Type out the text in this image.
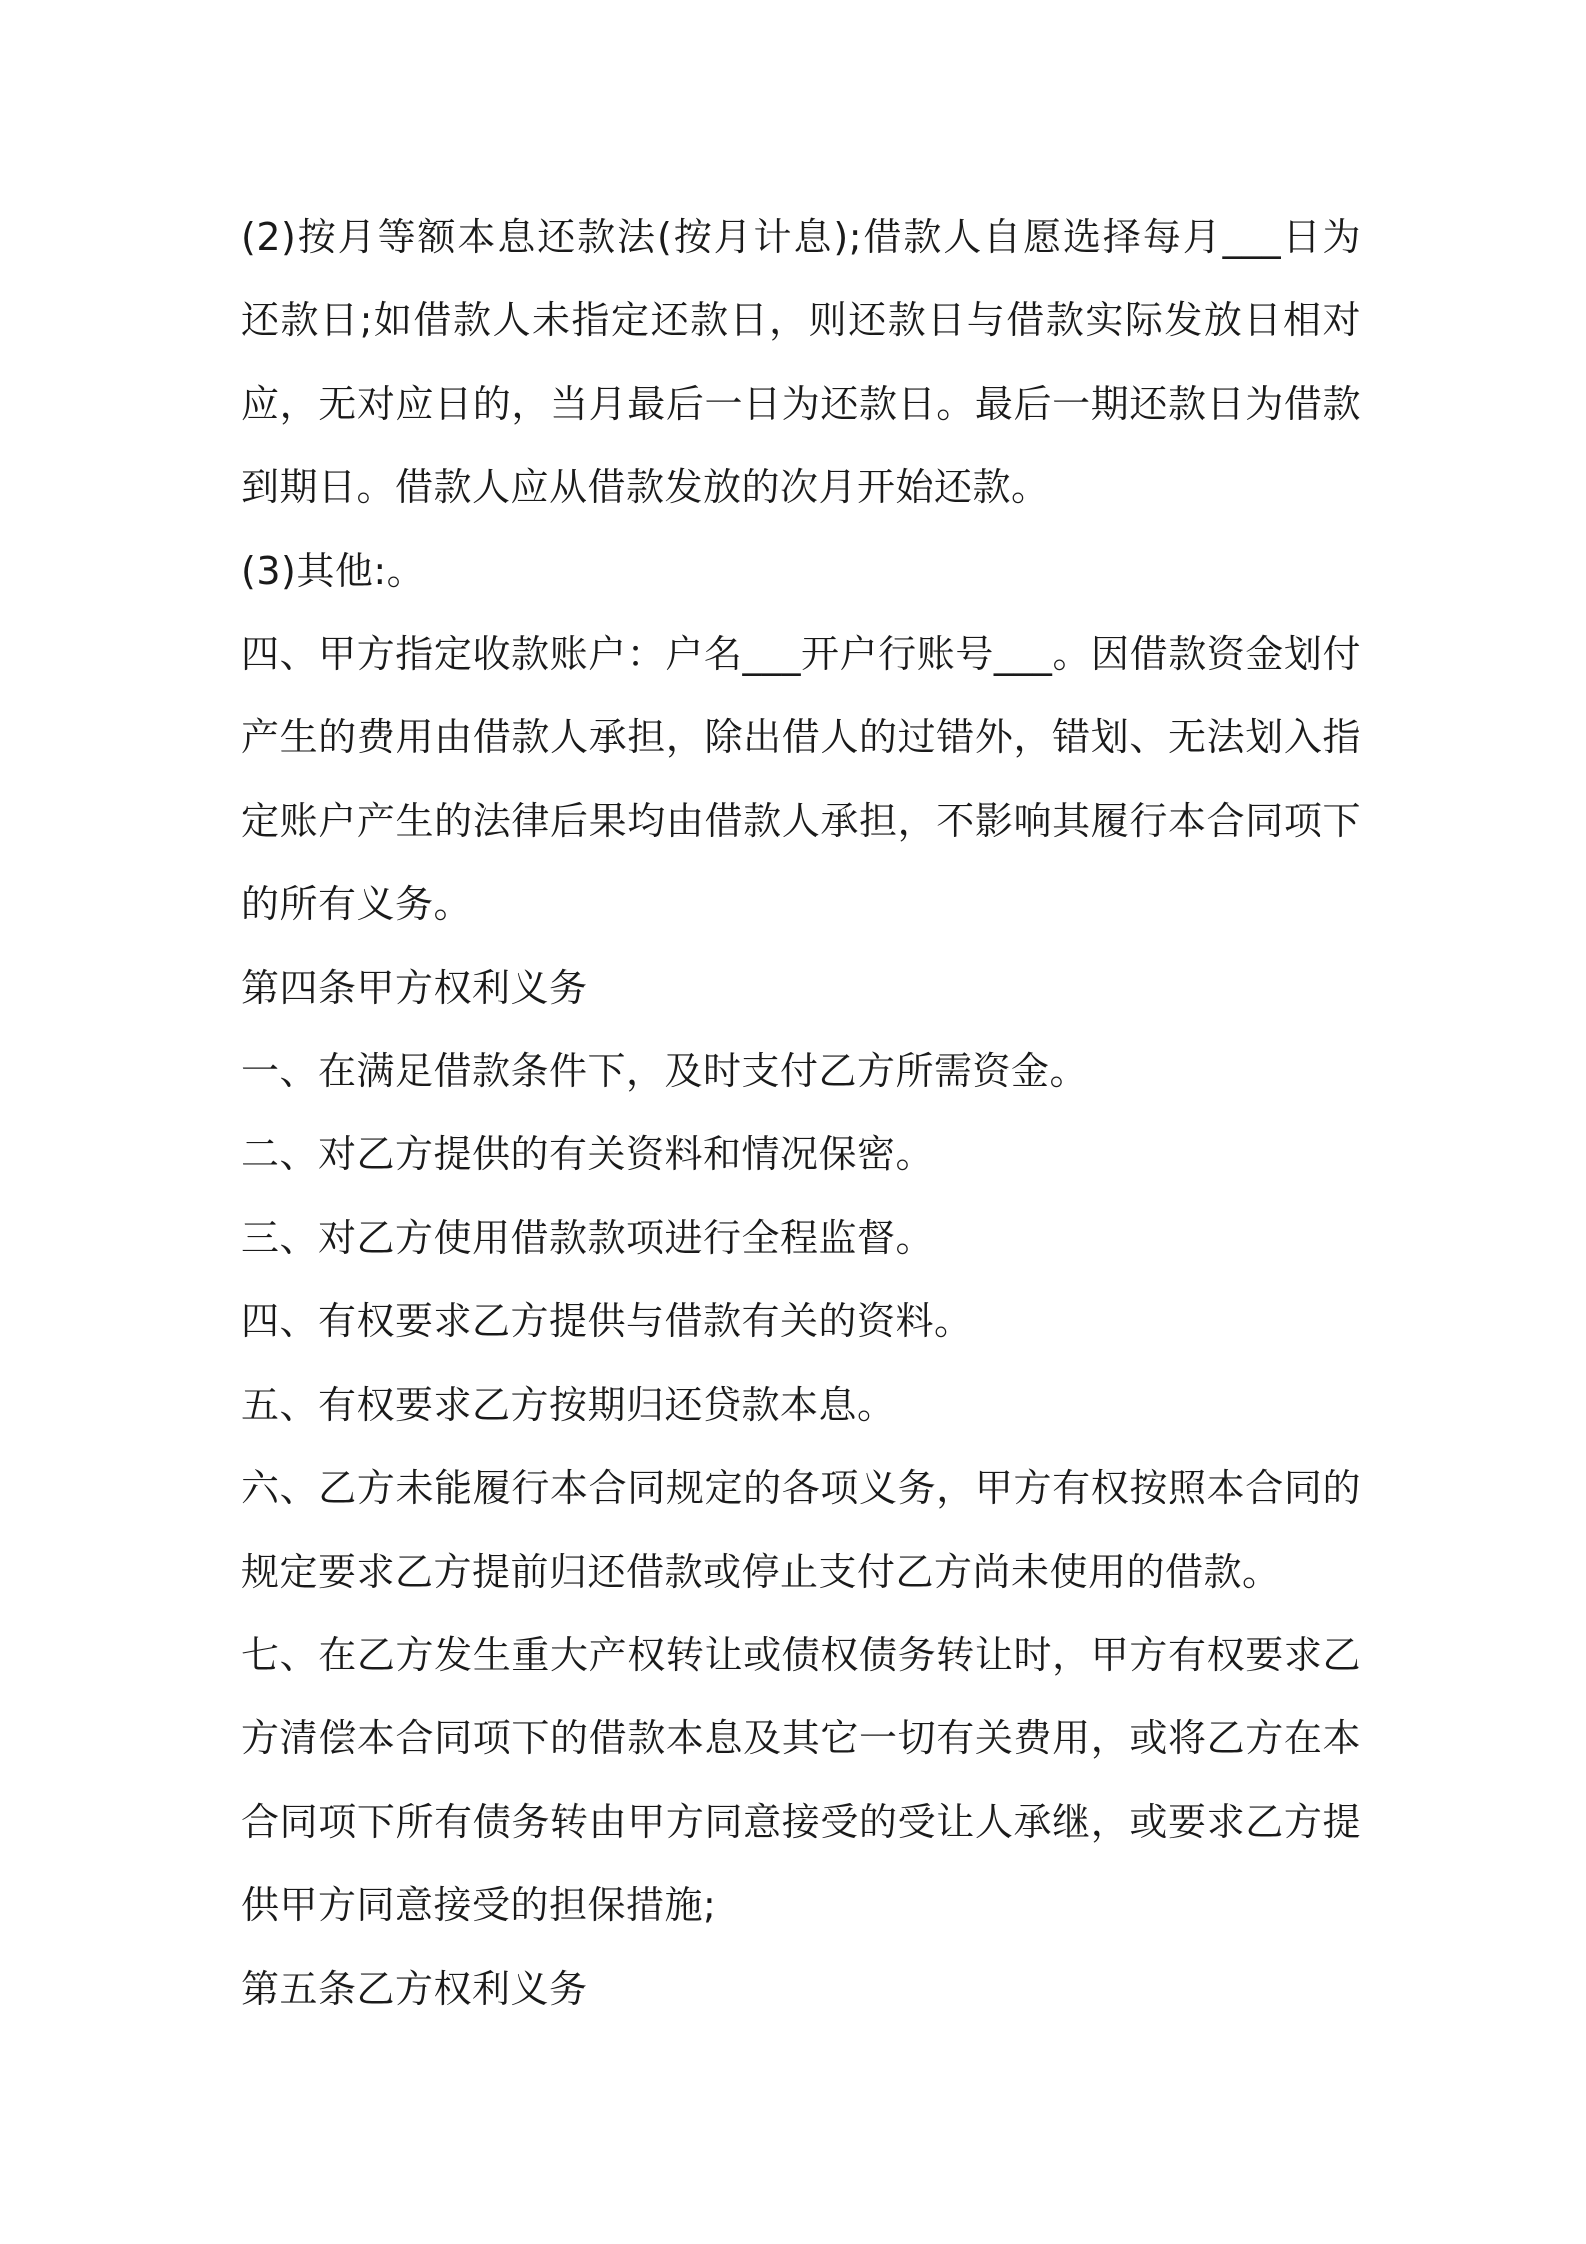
(2)按月等额本息还款法(按月计息);借款人自愿选择每月___日为还款日;如借款人未指定还款日，则还款日与借款实际发放日相对应，无对应日的，当月最后一日为还款日。最后一期还款日为借款到期日。借款人应从借款发放的次月开始还款。

(3)其他:。

四、甲方指定收款账户：户名___开户行账号___。因借款资金划付产生的费用由借款人承担，除出借人的过错外，错划、无法划入指定账户产生的法律后果均由借款人承担，不影响其履行本合同项下的所有义务。

第四条甲方权利义务

一、在满足借款条件下，及时支付乙方所需资金。

二、对乙方提供的有关资料和情况保密。

三、对乙方使用借款款项进行全程监督。

四、有权要求乙方提供与借款有关的资料。

五、有权要求乙方按期归还贷款本息。

六、乙方未能履行本合同规定的各项义务，甲方有权按照本合同的规定要求乙方提前归还借款或停止支付乙方尚未使用的借款。

七、在乙方发生重大产权转让或债权债务转让时，甲方有权要求乙方清偿本合同项下的借款本息及其它一切有关费用，或将乙方在本合同项下所有债务转由甲方同意接受的受让人承继，或要求乙方提供甲方同意接受的担保措施;

第五条乙方权利义务
